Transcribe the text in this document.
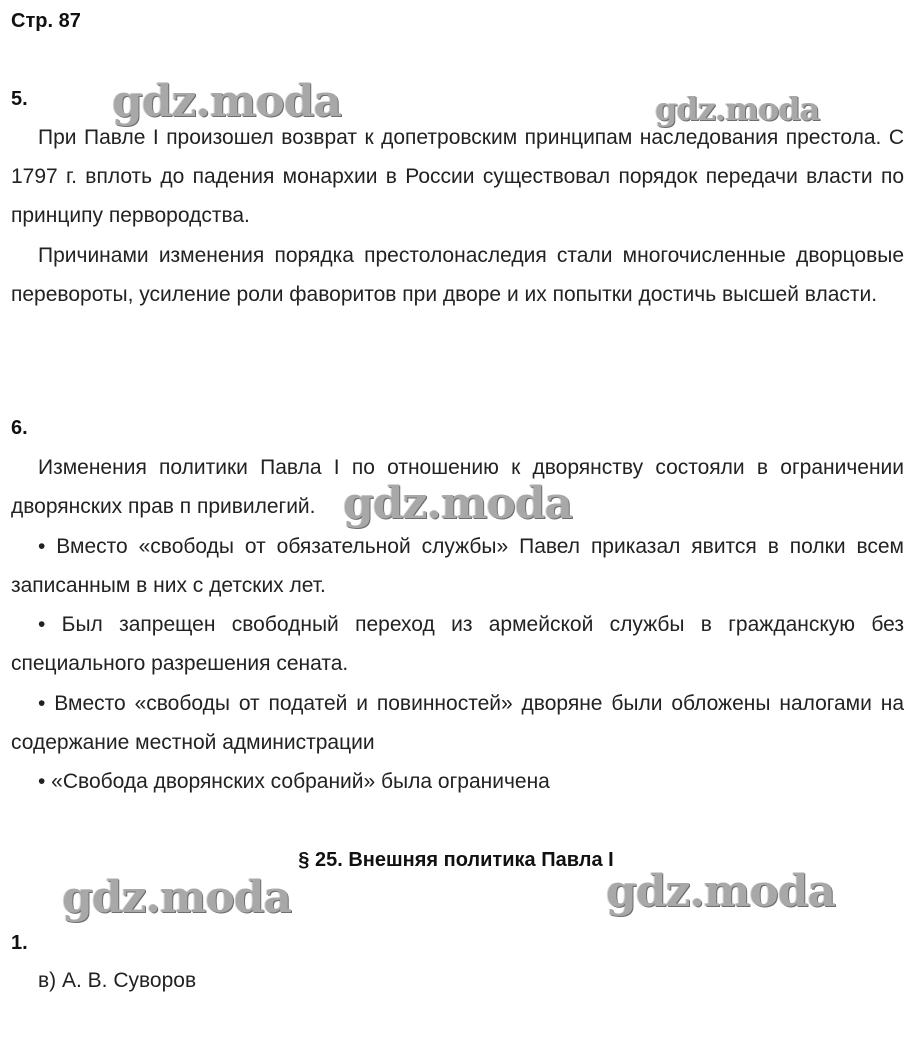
Стр. 87
5.

При Павле I произошел возврат к допетровским принципам наследования престола. С 1797 г. вплоть до падения монархии в России существовал порядок передачи власти по принципу первородства.

Причинами изменения порядка престолонаследия стали многочисленные дворцовые перевороты, усиление роли фаворитов при дворе и их попытки достичь высшей власти.

6.

Изменения политики Павла I по отношению к дворянству состояли в ограничении дворянских прав п привилегий.

• Вместо «свободы от обязательной службы» Павел приказал явится в полки всем записанным в них с детских лет.

• Был запрещен свободный переход из армейской службы в гражданскую без специального разрешения сената.

• Вместо «свободы от податей и повинностей» дворяне были обложены налогами на содержание местной администрации

• «Свобода дворянских собраний» была ограничена

§ 25. Внешняя политика Павла I
1.
в) А. В. Суворов
gdz.moda	gdz.moda
gdz.moda
gdz.moda	gdz.moda
